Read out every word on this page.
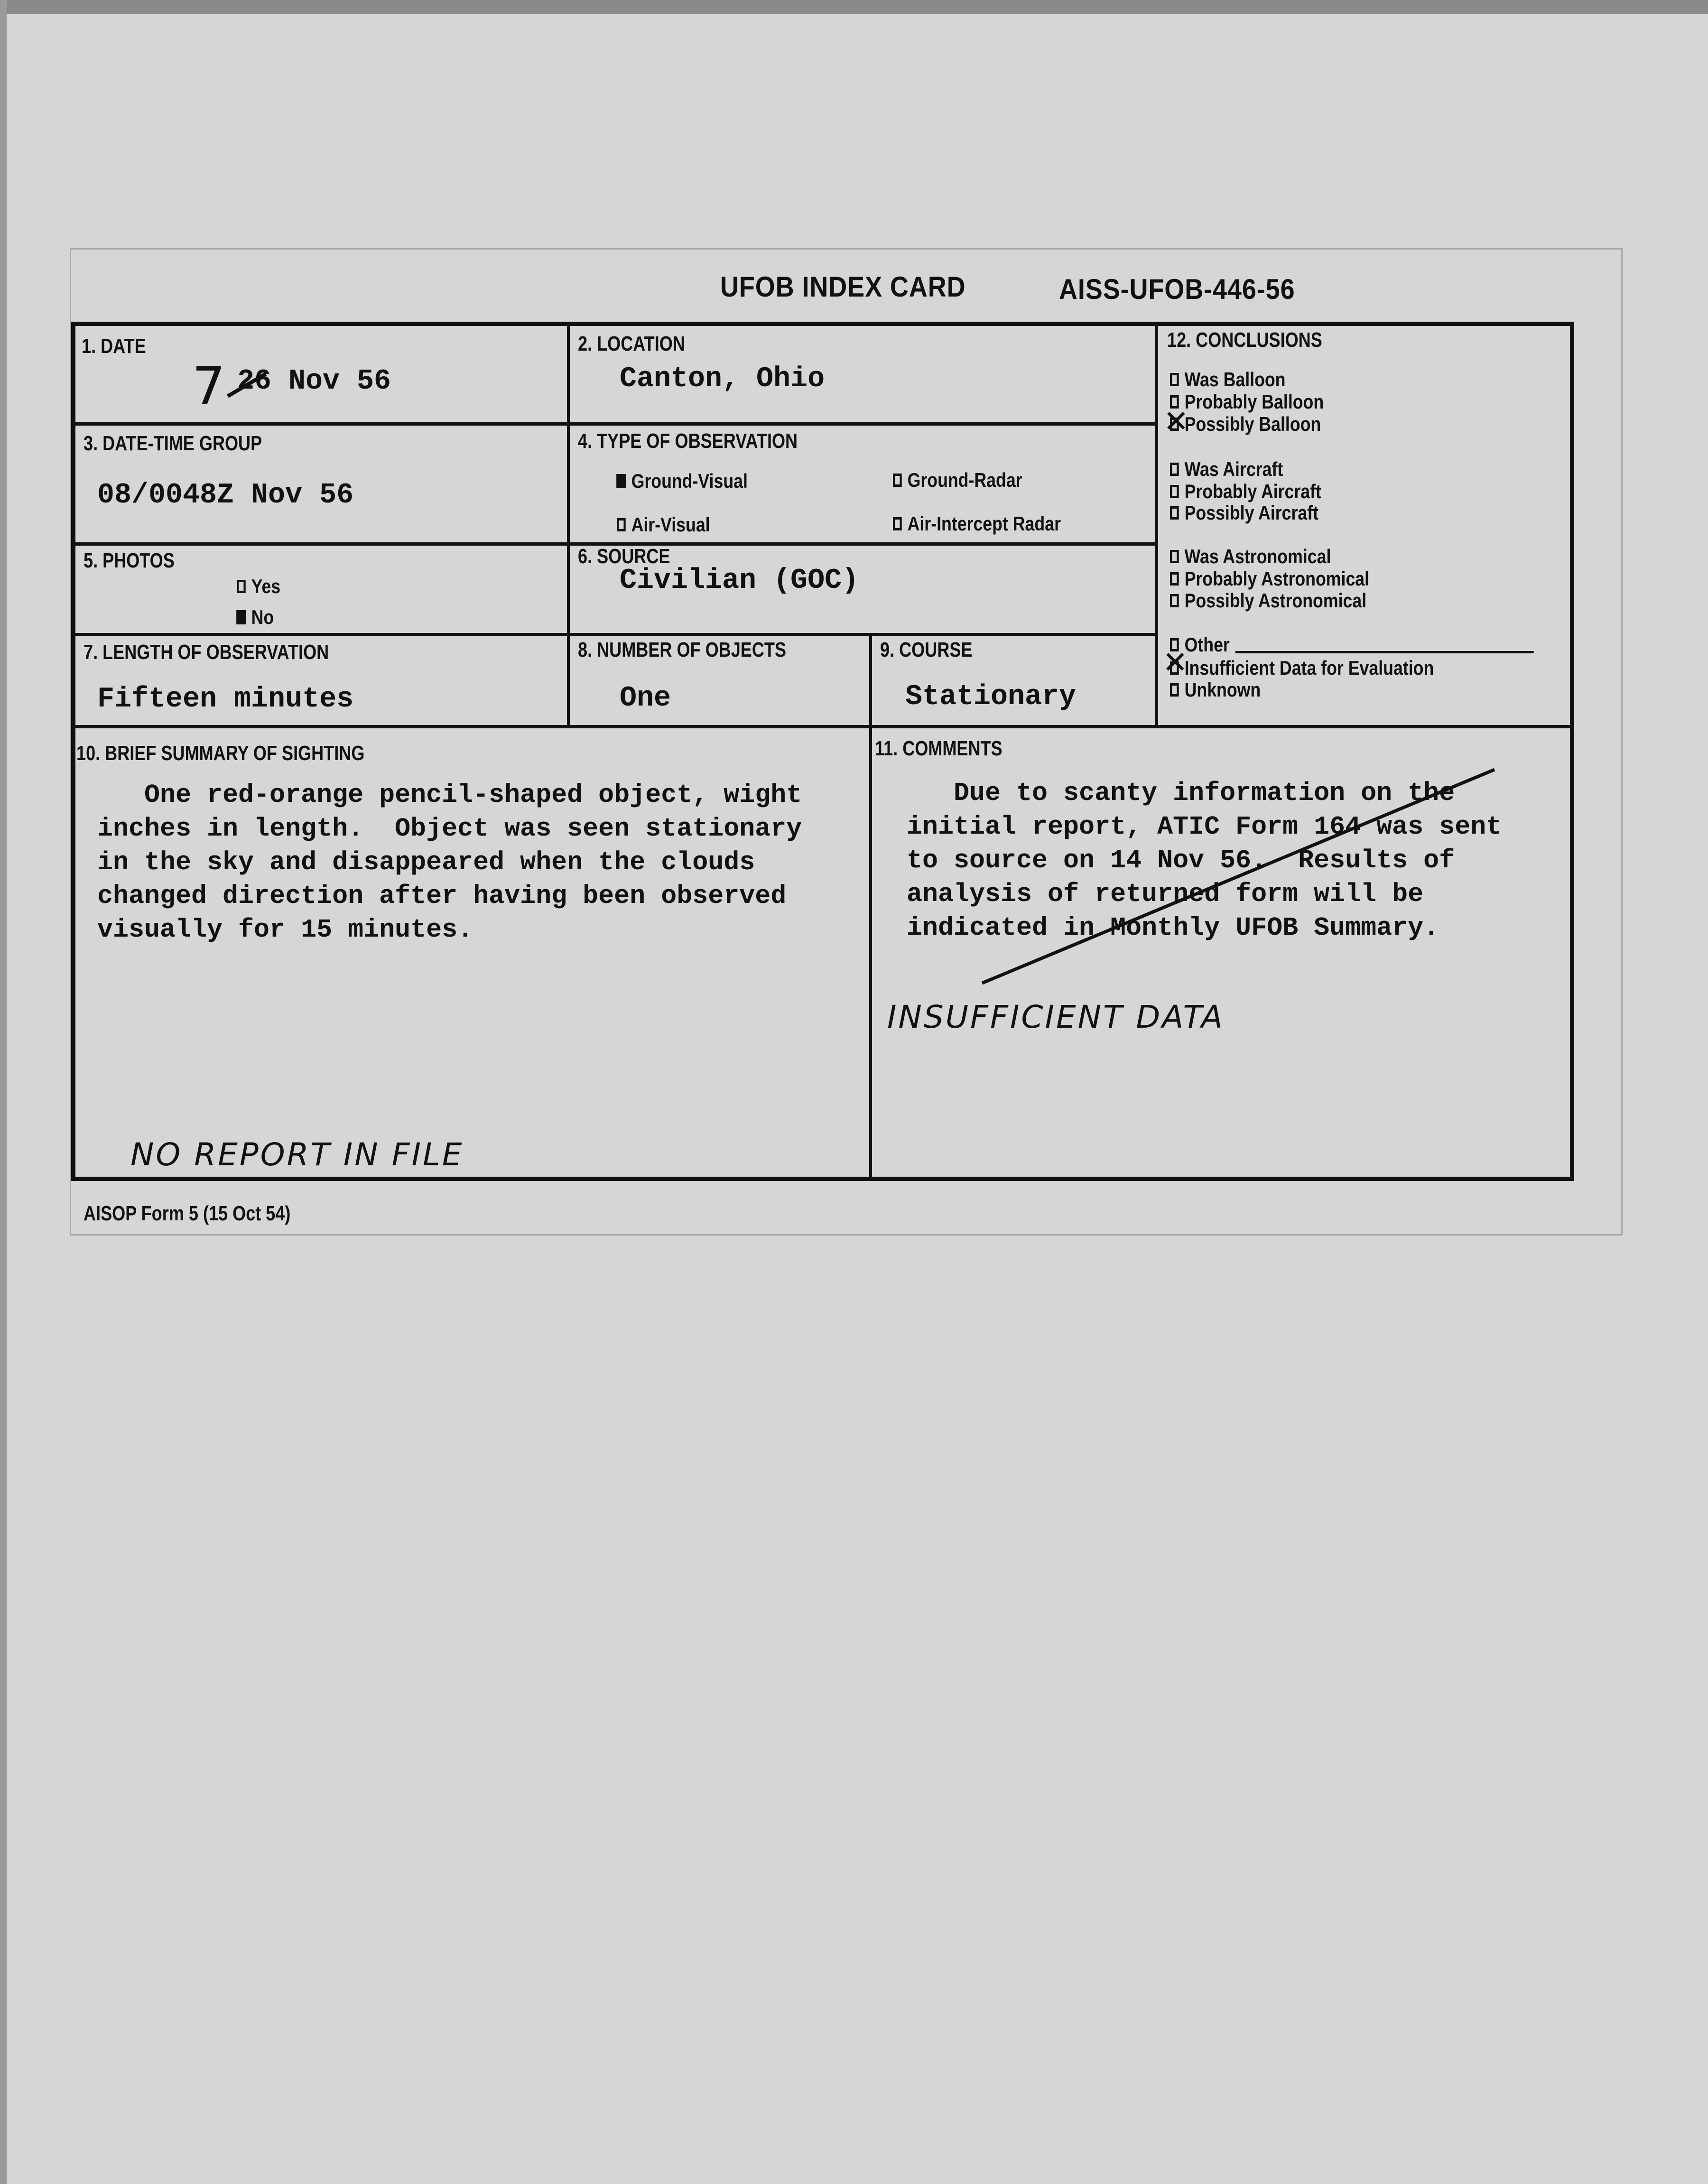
UFOB INDEX CARD	AISS-UFOB-446-56
1. DATE
7 26 Nov 56
2. LOCATION
Canton, Ohio
3. DATE-TIME GROUP
08/0048Z Nov 56
4. TYPE OF OBSERVATION
Ground-Visual	Ground-Radar
Air-Visual	Air-Intercept Radar
5. PHOTOS
Yes
No
6. SOURCE
Civilian (GOC)
7. LENGTH OF OBSERVATION
Fifteen minutes
8. NUMBER OF OBJECTS
One
9. COURSE
Stationary
12. CONCLUSIONS
Was Balloon
Probably Balloon
Possibly Balloon
✕
Was Aircraft
Probably Aircraft
Possibly Aircraft
Was Astronomical
Probably Astronomical
Possibly Astronomical
Other
Insufficient Data for Evaluation
✕
Unknown
10. BRIEF SUMMARY OF SIGHTING
One red-orange pencil-shaped object, wight
inches in length.  Object was seen stationary
in the sky and disappeared when the clouds
changed direction after having been observed
visually for 15 minutes.
NO REPORT IN FILE
11. COMMENTS
Due to scanty information on the
initial report, ATIC Form 164 was sent
to source on 14 Nov 56.  Results of
analysis of returned form will be
indicated in Monthly UFOB Summary.
INSUFFICIENT DATA
AISOP Form 5 (15 Oct 54)
